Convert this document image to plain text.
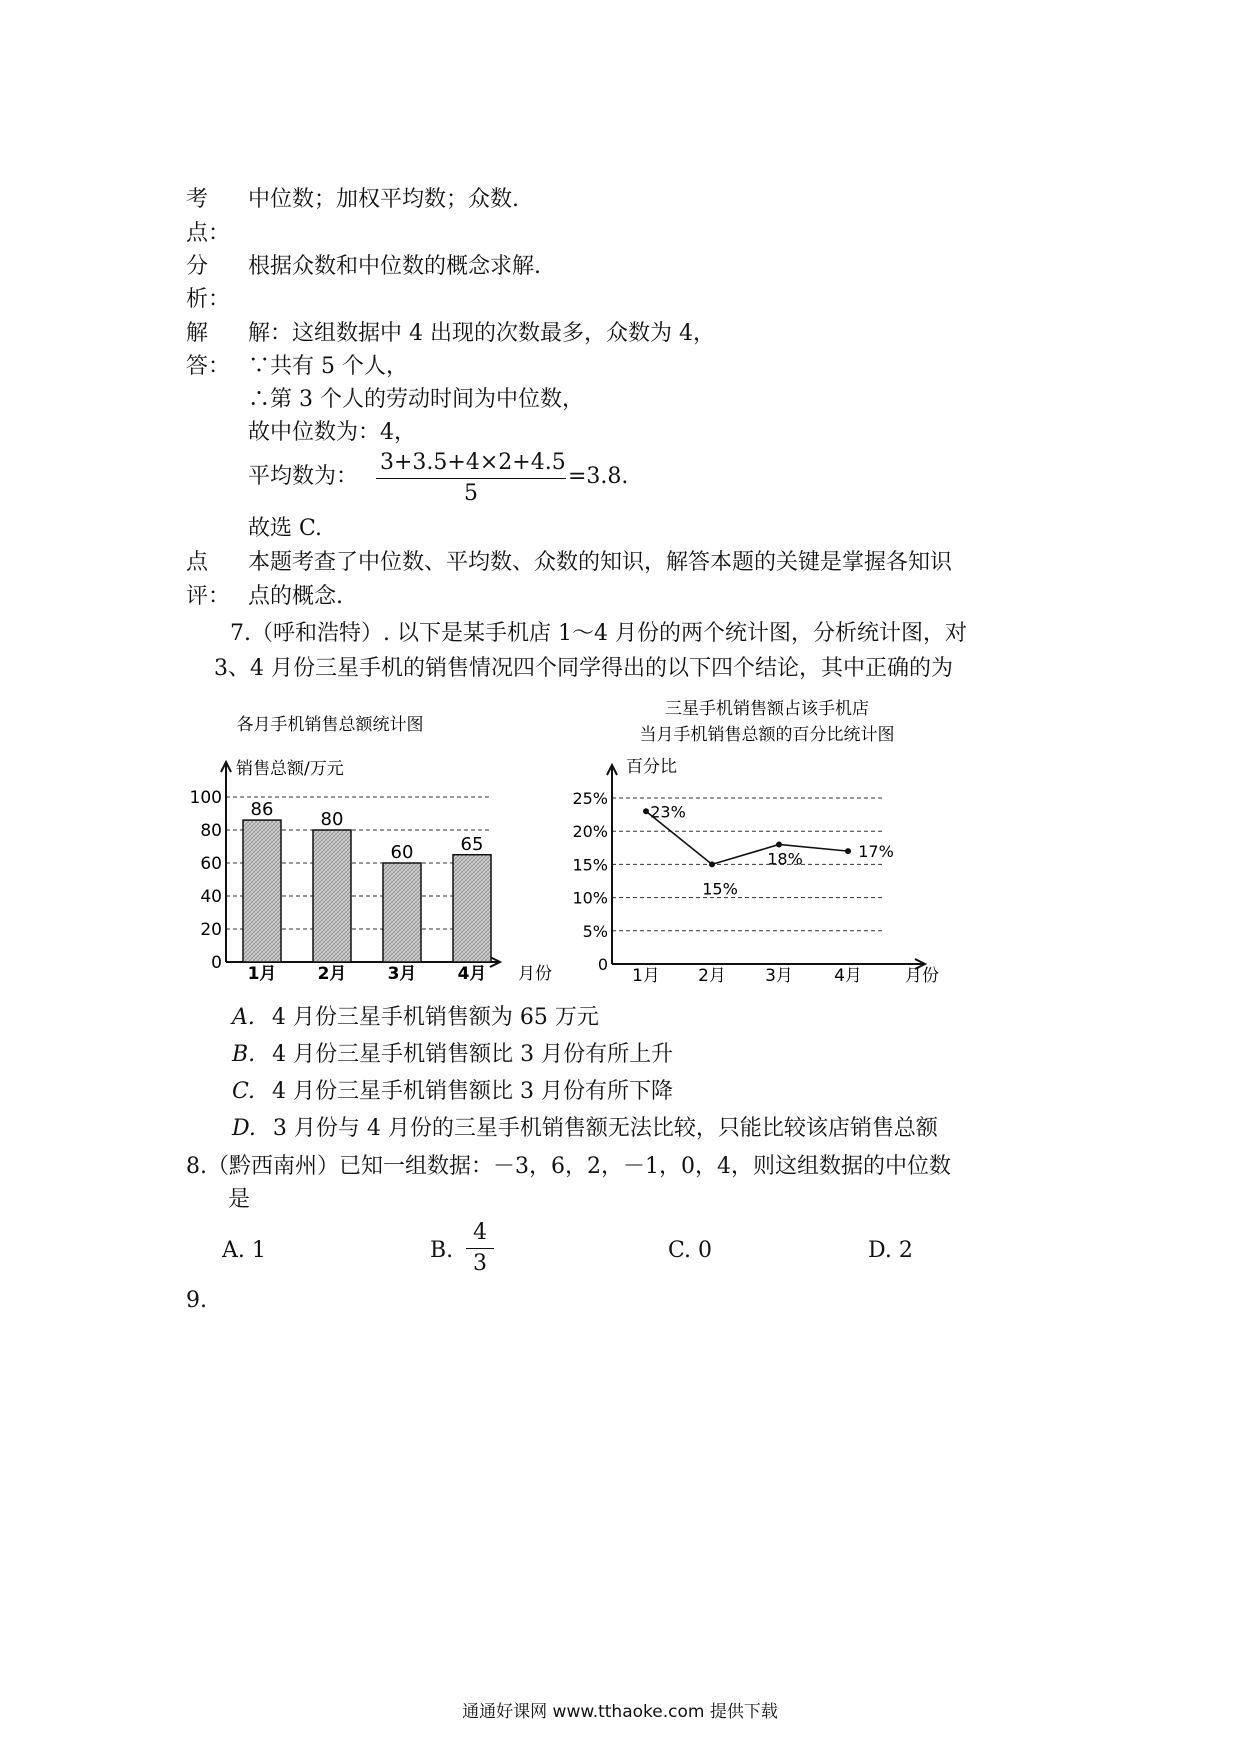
考	中位数；加权平均数；众数.
点：
分	根据众数和中位数的概念求解.
析：
解	解：这组数据中 4 出现的次数最多，众数为 4，
答： ∵共有 5 个人，
∴第 3 个人的劳动时间为中位数，
故中位数为：4，
平均数为： $\frac{3+3.5+4\times 2+4.5}{5} =3.8$.
故选 C.
点	本题考查了中位数、平均数、众数的知识，解答本题的关键是掌握各知识
评： 点的概念.
7.（呼和浩特）. 以下是某手机店 1～4 月份的两个统计图，分析统计图，对
3、4 月份三星手机的销售情况四个同学得出的以下四个结论，其中正确的为
各月手机销售总额统计图
销售总额/万元
月份
0
20
40
60
80
100
86
1月
80
2月
60
3月
65
4月
三星手机销售额占该手机店
当月手机销售总额的百分比统计图
百分比
月份
0
5%
10%
15%
20%
25%
23%
1月
15%
2月
18%
3月
17%
4月
A. 4 月份三星手机销售额为 65 万元
B. 4 月份三星手机销售额比 3 月份有所上升
C. 4 月份三星手机销售额比 3 月份有所下降
D. 3 月份与 4 月份的三星手机销售额无法比较，只能比较该店销售总额
8.（黔西南州）已知一组数据：－3，6，2，－1，0，4，则这组数据的中位数
是
A. 1	B. $\frac{4}{3}$	C. 0	D. 2
9.
通通好课网 www.tthaoke.com 提供下载
